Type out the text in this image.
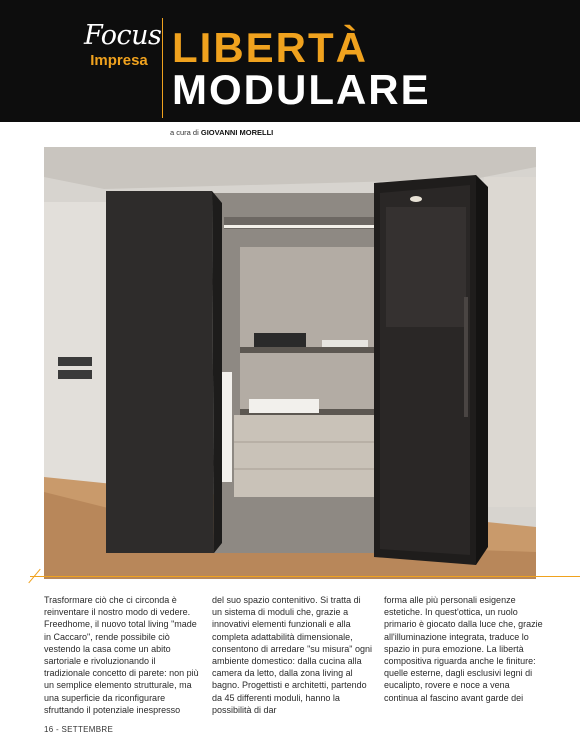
Focus
Impresa LIBERTÀ
MODULARE
a cura di GIOVANNI MORELLI

Trasformare ciò che ci circonda è reinventare il nostro modo di vedere. Freedhome, il nuovo total living "made in Caccaro", rende possibile ciò vestendo la casa come un abito sartoriale e rivoluzionando il tradizionale concetto di parete: non più un semplice elemento strutturale, ma una superficie da riconfigurare sfruttando il potenziale inespresso

del suo spazio contenitivo. Si tratta di un sistema di moduli che, grazie a innovativi elementi funzionali e alla completa adattabilità dimensionale, consentono di arredare "su misura" ogni ambiente domestico: dalla cucina alla camera da letto, dalla zona living al bagno. Progettisti e architetti, partendo da 45 differenti moduli, hanno la possibilità di dar

forma alle più personali esigenze estetiche. In quest'ottica, un ruolo primario è giocato dalla luce che, grazie all'illuminazione integrata, traduce lo spazio in pura emozione. La libertà compositiva riguarda anche le finiture: quelle esterne, dagli esclusivi legni di eucalipto, rovere e noce a vena continua al fascino avant garde dei

16 - SETTEMBRE
